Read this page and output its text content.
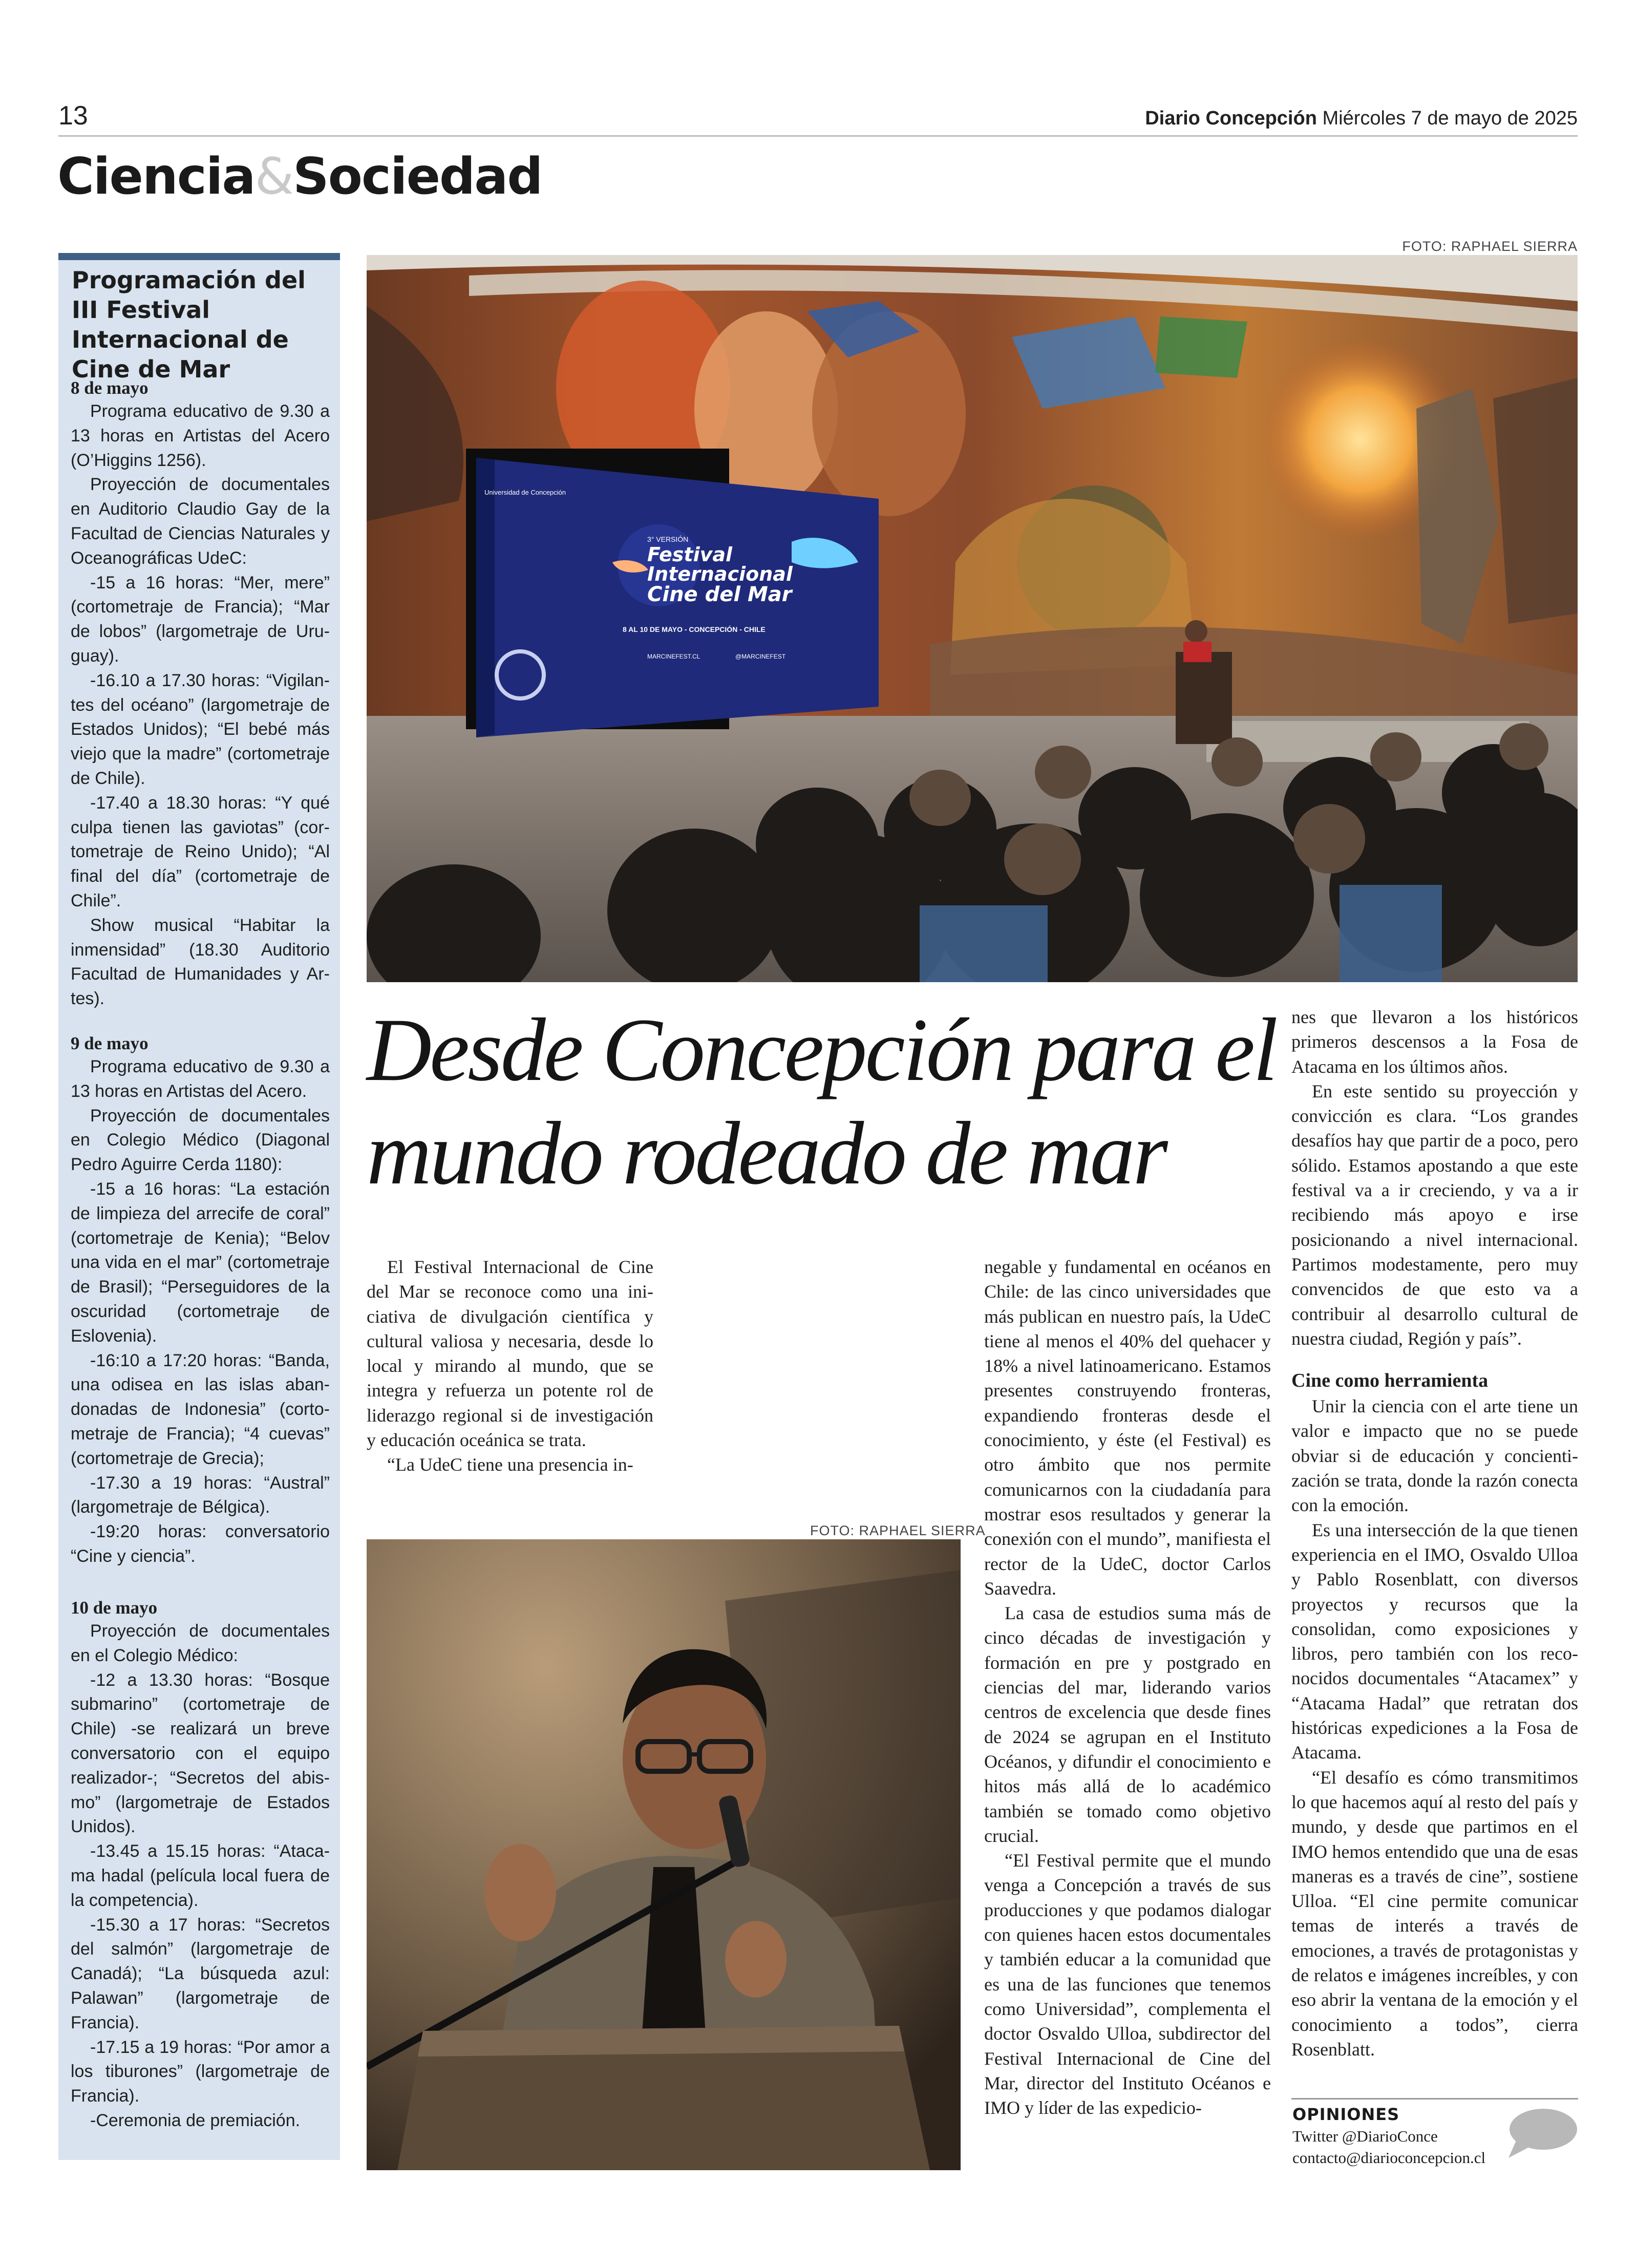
13	Diario Concepción Miércoles 7 de mayo de 2025
Ciencia&Sociedad
Programación del III Festival Internacional de Cine de Mar
8 de mayo

Programa educativo de 9.30 a 13 horas en Artistas del Acero (O’Higgins 1256).

Proyección de documentales en Auditorio Claudio Gay de la Facultad de Ciencias Naturales y Oceanográficas UdeC:

-15 a 16 horas: “Mer, mere” (cortometraje de Francia); “Mar de lobos” (largometraje de Uruguay).

-16.10 a 17.30 horas: “Vigilantes del océano” (largometraje de Estados Unidos); “El bebé más viejo que la madre” (cortometraje de Chile).

-17.40 a 18.30 horas: “Y qué culpa tienen las gaviotas” (cortometraje de Reino Unido); “Al final del día” (cortometraje de Chile”.

Show musical “Habitar la inmensidad” (18.30 Auditorio Facultad de Humanidades y Artes).

9 de mayo

Programa educativo de 9.30 a 13 horas en Artistas del Acero.

Proyección de documentales en Colegio Médico (Diagonal Pedro Aguirre Cerda 1180):

-15 a 16 horas: “La estación de limpieza del arrecife de coral” (cortometraje de Kenia); “Belov una vida en el mar” (cortometraje de Brasil); “Perseguidores de la oscuridad (cortometraje de Eslovenia).

-16:10 a 17:20 horas: “Banda, una odisea en las islas abandonadas de Indonesia” (cortometraje de Francia); “4 cuevas” (cortometraje de Grecia);

-17.30 a 19 horas: “Austral” (largometraje de Bélgica).

-19:20 horas: conversatorio “Cine y ciencia”.

10 de mayo

Proyección de documentales en el Colegio Médico:

-12 a 13.30 horas: “Bosque submarino” (cortometraje de Chile) -se realizará un breve conversatorio con el equipo realizador-; “Secretos del abismo” (largometraje de Estados Unidos).

-13.45 a 15.15 horas: “Atacama hadal (película local fuera de la competencia).

-15.30 a 17 horas: “Secretos del salmón” (largometraje de Canadá); “La búsqueda azul: Palawan” (largometraje de Francia).

-17.15 a 19 horas: “Por amor a los tiburones” (largometraje de Francia).

-Ceremonia de premiación.

FOTO: RAPHAEL SIERRA
Universidad de Concepción
3° VERSIÓN
Festival
Internacional
Cine del Mar
8 AL 10 DE MAYO - CONCEPCIÓN - CHILE
MARCINEFEST.CL	@MARCINEFEST
Desde Concepción para el mundo rodeado de mar

El Festival Internacional de Cine del Mar se reconoce como una iniciativa de divulgación científica y cultural valiosa y necesaria, desde lo local y mirando al mundo, que se integra y refuerza un potente rol de liderazgo regional si de investigación y educación oceánica se trata.

“La UdeC tiene una presencia in-

negable y fundamental en océanos en Chile: de las cinco universidades que más publican en nuestro país, la UdeC tiene al menos el 40% del quehacer y 18% a nivel latinoamericano. Estamos presentes construyendo fronteras, expandiendo fronteras desde el conocimiento, y éste (el Festival) es otro ámbito que nos permite comunicarnos con la ciudadanía para mostrar esos resultados y generar la conexión con el mundo”, manifiesta el rector de la UdeC, doctor Carlos Saavedra.

La casa de estudios suma más de cinco décadas de investigación y formación en pre y postgrado en ciencias del mar, liderando varios centros de excelencia que desde fines de 2024 se agrupan en el Instituto Océanos, y difundir el conocimiento e hitos más allá de lo académico también se tomado como objetivo crucial.

“El Festival permite que el mundo venga a Concepción a través de sus producciones y que podamos dialogar con quienes hacen estos documentales y también educar a la comunidad que es una de las funciones que tenemos como Universidad”, complementa el doctor Osvaldo Ulloa, subdirector del Festival Internacional de Cine del Mar, director del Instituto Océanos e IMO y líder de las expedicio-

nes que llevaron a los históricos primeros descensos a la Fosa de Atacama en los últimos años.

En este sentido su proyección y convicción es clara. “Los grandes desafíos hay que partir de a poco, pero sólido. Estamos apostando a que este festival va a ir creciendo, y va a ir recibiendo más apoyo e irse posicionando a nivel internacional. Partimos modestamente, pero muy convencidos de que esto va a contribuir al desarrollo cultural de nuestra ciudad, Región y país”.

Cine como herramienta

Unir la ciencia con el arte tiene un valor e impacto que no se puede obviar si de educación y concientización se trata, donde la razón conecta con la emoción.

Es una intersección de la que tienen experiencia en el IMO, Osvaldo Ulloa y Pablo Rosenblatt, con diversos proyectos y recursos que la consolidan, como exposiciones y libros, pero también con los reconocidos documentales “Atacamex” y “Atacama Hadal” que retratan dos históricas expediciones a la Fosa de Atacama.

“El desafío es cómo transmitimos lo que hacemos aquí al resto del país y mundo, y desde que partimos en el IMO hemos entendido que una de esas maneras es a través de cine”, sostiene Ulloa. “El cine permite comunicar temas de interés a través de emociones, a través de protagonistas y de relatos e imágenes increíbles, y con eso abrir la ventana de la emoción y el conocimiento a todos”, cierra Rosenblatt.

FOTO: RAPHAEL SIERRA
OPINIONES
Twitter @DiarioConce
contacto@diarioconcepcion.cl
